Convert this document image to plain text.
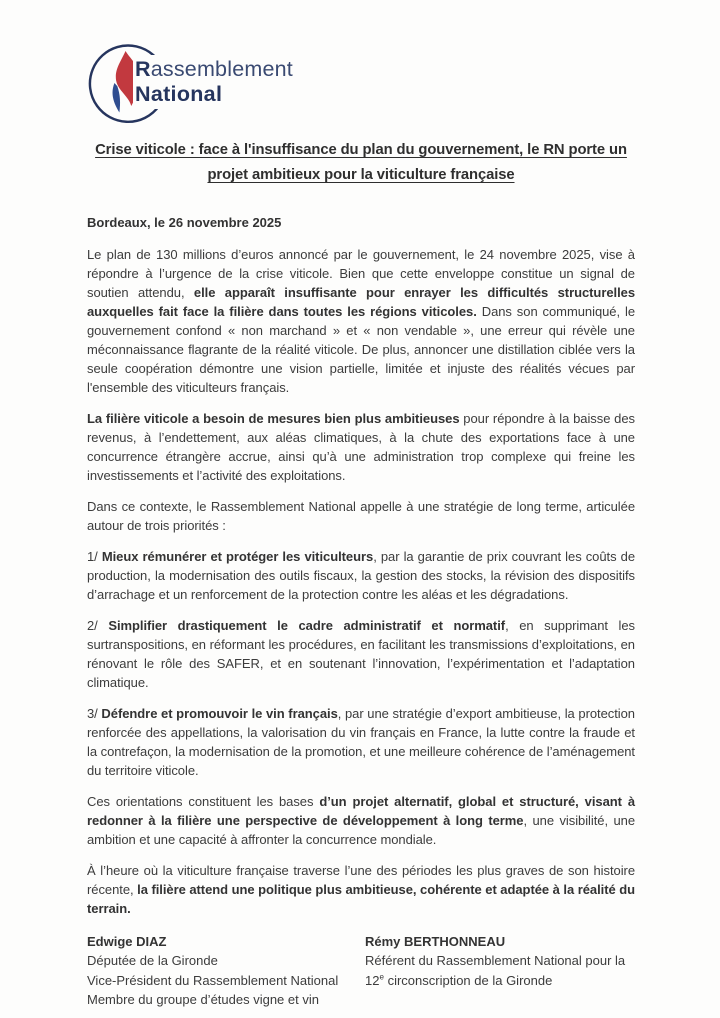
Rassemblement
National
Crise viticole : face à l'insuffisance du plan du gouvernement, le RN porte un projet ambitieux pour la viticulture française
Bordeaux, le 26 novembre 2025

Le plan de 130 millions d’euros annoncé par le gouvernement, le 24 novembre 2025, vise à répondre à l’urgence de la crise viticole. Bien que cette enveloppe constitue un signal de soutien attendu, elle apparaît insuffisante pour enrayer les difficultés structurelles auxquelles fait face la filière dans toutes les régions viticoles. Dans son communiqué, le gouvernement confond « non marchand » et « non vendable », une erreur qui révèle une méconnaissance flagrante de la réalité viticole. De plus, annoncer une distillation ciblée vers la seule coopération démontre une vision partielle, limitée et injuste des réalités vécues par l'ensemble des viticulteurs français.

La filière viticole a besoin de mesures bien plus ambitieuses pour répondre à la baisse des revenus, à l’endettement, aux aléas climatiques, à la chute des exportations face à une concurrence étrangère accrue, ainsi qu’à une administration trop complexe qui freine les investissements et l’activité des exploitations.

Dans ce contexte, le Rassemblement National appelle à une stratégie de long terme, articulée autour de trois priorités :

1/ Mieux rémunérer et protéger les viticulteurs, par la garantie de prix couvrant les coûts de production, la modernisation des outils fiscaux, la gestion des stocks, la révision des dispositifs d’arrachage et un renforcement de la protection contre les aléas et les dégradations.

2/ Simplifier drastiquement le cadre administratif et normatif, en supprimant les surtranspositions, en réformant les procédures, en facilitant les transmissions d’exploitations, en rénovant le rôle des SAFER, et en soutenant l’innovation, l’expérimentation et l’adaptation climatique.

3/ Défendre et promouvoir le vin français, par une stratégie d’export ambitieuse, la protection renforcée des appellations, la valorisation du vin français en France, la lutte contre la fraude et la contrefaçon, la modernisation de la promotion, et une meilleure cohérence de l’aménagement du territoire viticole.

Ces orientations constituent les bases d’un projet alternatif, global et structuré, visant à redonner à la filière une perspective de développement à long terme, une visibilité, une ambition et une capacité à affronter la concurrence mondiale.

À l’heure où la viticulture française traverse l’une des périodes les plus graves de son histoire récente, la filière attend une politique plus ambitieuse, cohérente et adaptée à la réalité du terrain.

Edwige DIAZ
Députée de la Gironde
Vice-Président du Rassemblement National
Membre du groupe d’études vigne et vin
Rémy BERTHONNEAU
Référent du Rassemblement National pour la 12e circonscription de la Gironde
